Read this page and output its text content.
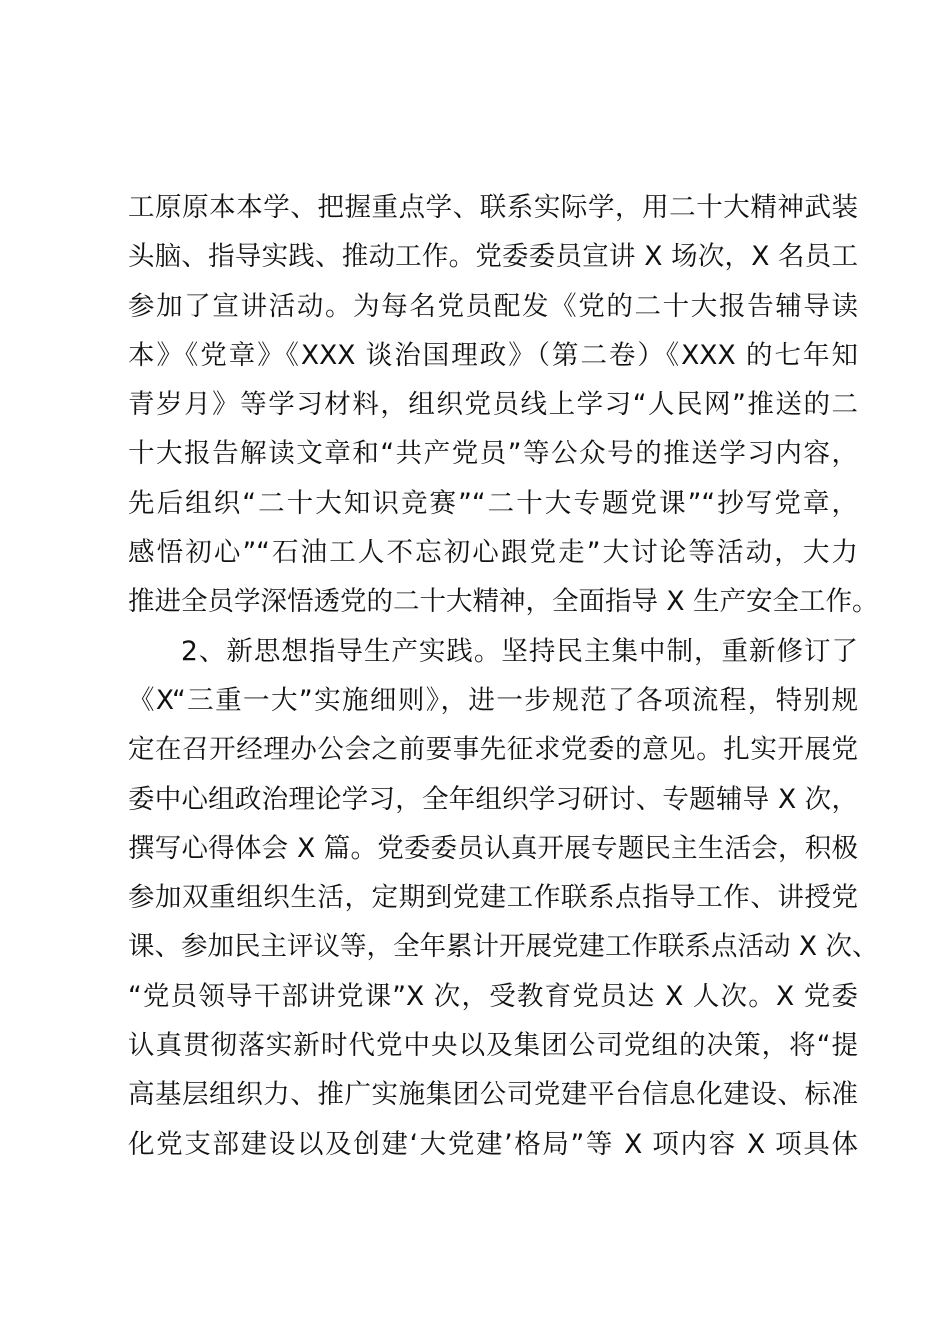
工原原本本学、把握重点学、联系实际学，用二十大精神武装
头脑、指导实践、推动工作。党委委员宣讲 X 场次，X 名员工
参加了宣讲活动。为每名党员配发《党的二十大报告辅导读
本》《党章》《XXX 谈治国理政》（第二卷）《XXX 的七年知
青岁月》等学习材料，组织党员线上学习“人民网”推送的二
十大报告解读文章和“共产党员”等公众号的推送学习内容，
先后组织“二十大知识竞赛”“二十大专题党课”“抄写党章，
感悟初心”“石油工人不忘初心跟党走”大讨论等活动，大力
推进全员学深悟透党的二十大精神，全面指导 X 生产安全工作。
2、新思想指导生产实践。坚持民主集中制，重新修订了
《X“三重一大”实施细则》，进一步规范了各项流程，特别规
定在召开经理办公会之前要事先征求党委的意见。扎实开展党
委中心组政治理论学习，全年组织学习研讨、专题辅导 X 次，
撰写心得体会 X 篇。党委委员认真开展专题民主生活会，积极
参加双重组织生活，定期到党建工作联系点指导工作、讲授党
课、参加民主评议等，全年累计开展党建工作联系点活动 X 次、
“党员领导干部讲党课”X 次，受教育党员达 X 人次。X 党委
认真贯彻落实新时代党中央以及集团公司党组的决策，将“提
高基层组织力、推广实施集团公司党建平台信息化建设、标准
化党支部建设以及创建‘大党建’格局”等 X 项内容 X 项具体
